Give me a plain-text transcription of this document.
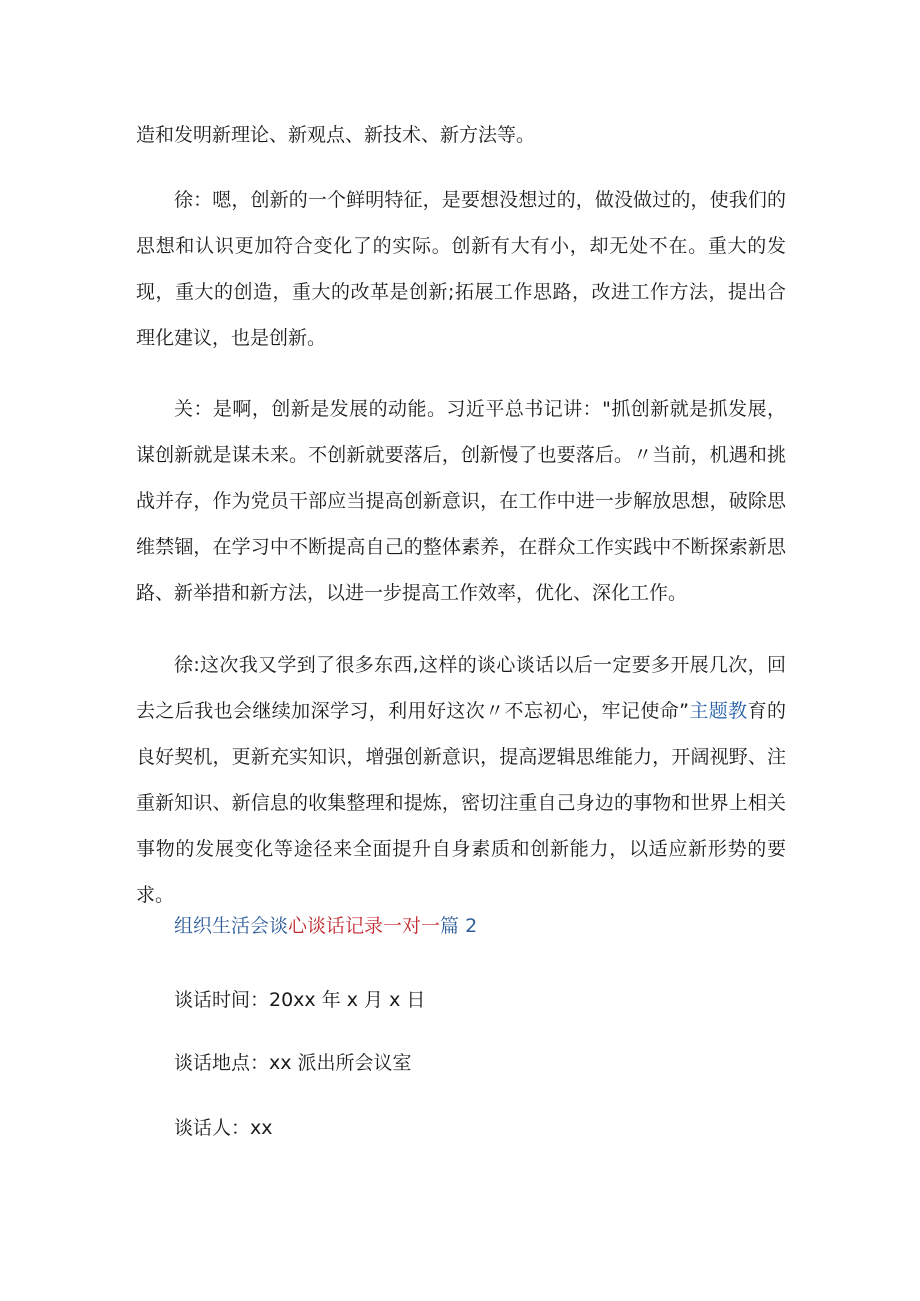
造和发明新理论、新观点、新技术、新方法等。

徐：嗯，创新的一个鲜明特征，是要想没想过的，做没做过的，使我们的思想和认识更加符合变化了的实际。创新有大有小，却无处不在。重大的发现，重大的创造，重大的改革是创新;拓展工作思路，改进工作方法，提出合理化建议，也是创新。

关：是啊，创新是发展的动能。习近平总书记讲："抓创新就是抓发展，谋创新就是谋未来。不创新就要落后，创新慢了也要落后。〃当前，机遇和挑战并存，作为党员干部应当提高创新意识，在工作中进一步解放思想，破除思维禁锢，在学习中不断提高自己的整体素养，在群众工作实践中不断探索新思路、新举措和新方法，以进一步提高工作效率，优化、深化工作。

徐:这次我又学到了很多东西,这样的谈心谈话以后一定要多开展几次，回去之后我也会继续加深学习，利用好这次〃不忘初心，牢记使命”主题教育的良好契机，更新充实知识，增强创新意识，提高逻辑思维能力，开阔视野、注重新知识、新信息的收集整理和提炼，密切注重自己身边的事物和世界上相关事物的发展变化等途径来全面提升自身素质和创新能力，以适应新形势的要求。

组织生活会谈心谈话记录一对一篇 2

谈话时间：20xx 年 x 月 x 日

谈话地点：xx 派出所会议室

谈话人：xx
